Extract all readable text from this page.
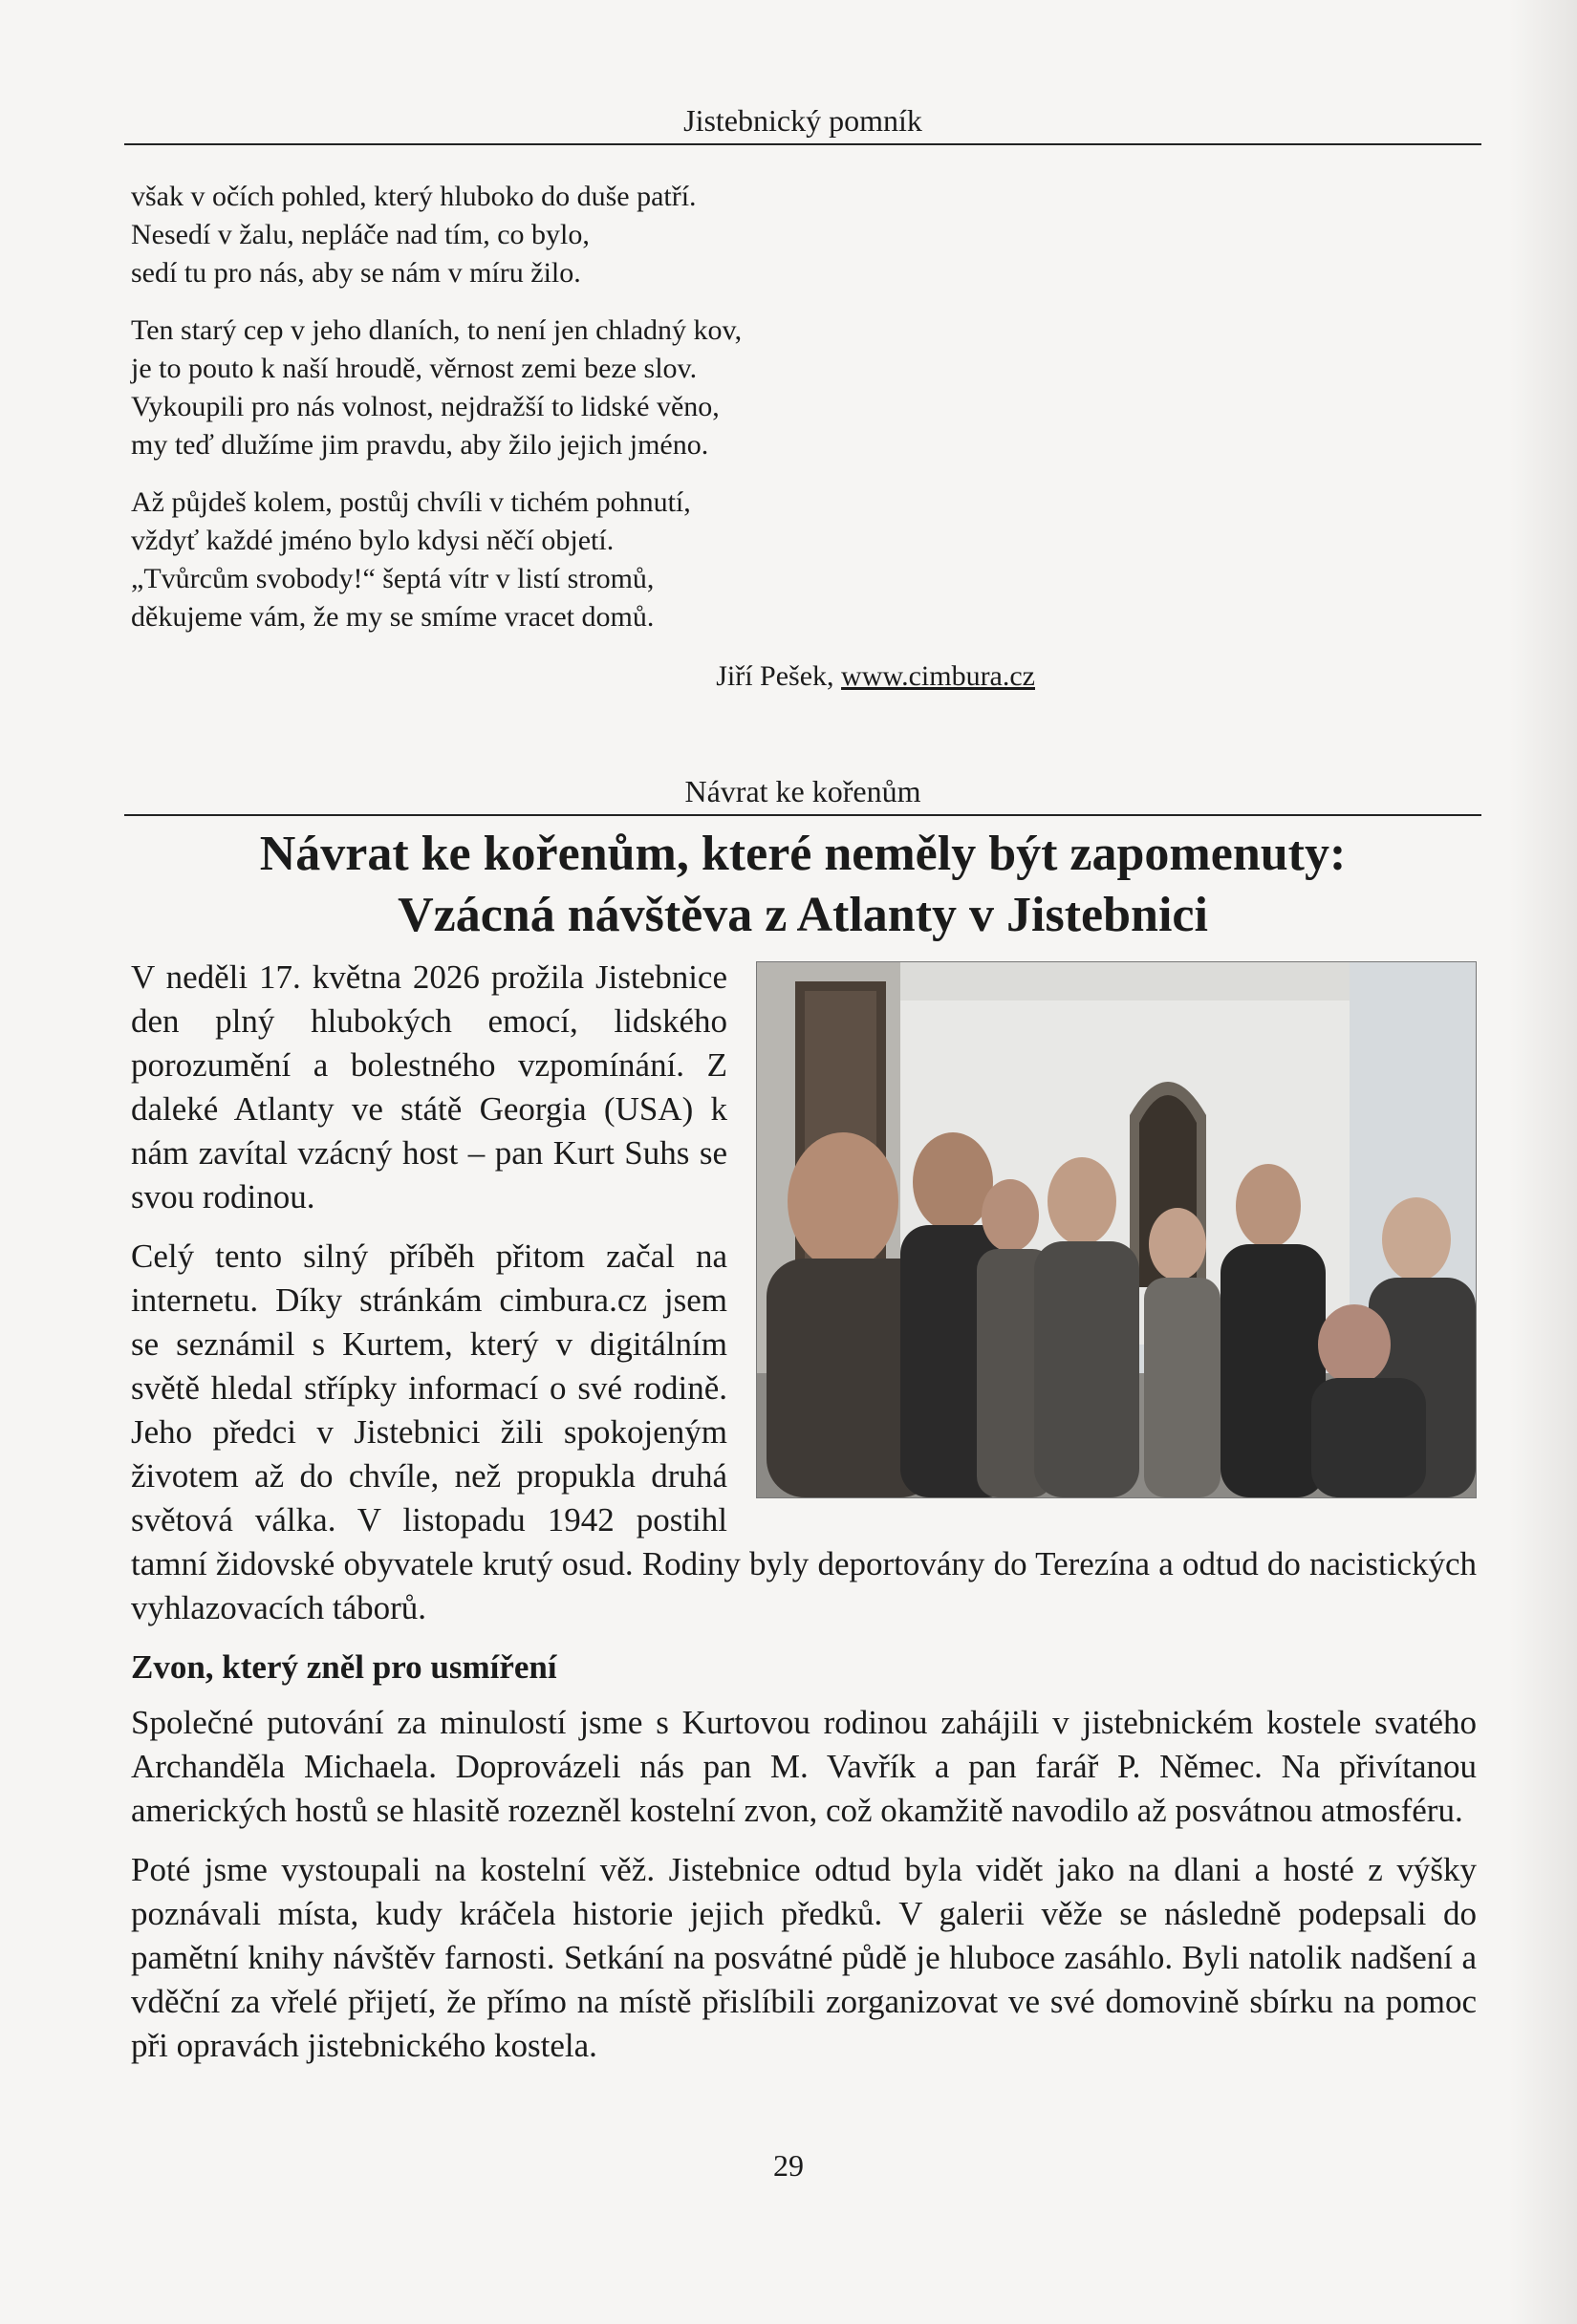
Jistebnický pomník
však v očích pohled, který hluboko do duše patří.
Nesedí v žalu, nepláče nad tím, co bylo,
sedí tu pro nás, aby se nám v míru žilo.
Ten starý cep v jeho dlaních, to není jen chladný kov,
je to pouto k naší hroudě, věrnost zemi beze slov.
Vykoupili pro nás volnost, nejdražší to lidské věno,
my teď dlužíme jim pravdu, aby žilo jejich jméno.
Až půjdeš kolem, postůj chvíli v tichém pohnutí,
vždyť každé jméno bylo kdysi něčí objetí.
„Tvůrcům svobody!“ šeptá vítr v listí stromů,
děkujeme vám, že my se smíme vracet domů.
Jiří Pešek, www.cimbura.cz
Návrat ke kořenům
Návrat ke kořenům, které neměly být zapomenuty:
Vzácná návštěva z Atlanty v Jistebnici

V neděli 17. května 2026 prožila Jistebnice den plný hlubokých emocí, lidského porozumění a bolestného vzpomínání. Z daleké Atlanty ve státě Georgia (USA) k nám zavítal vzácný host – pan Kurt Suhs se svou rodinou.

Celý tento silný příběh přitom začal na internetu. Díky stránkám cimbura.cz jsem se seznámil s Kurtem, který v digitálním světě hledal střípky informací o své rodině. Jeho předci v Jistebnici žili spokojeným životem až do chvíle, než propukla druhá světová válka. V listopadu 1942 postihl tamní židovské obyvatele krutý osud. Rodiny byly deportovány do Terezína a odtud do nacistických vyhlazovacích táborů.

Zvon, který zněl pro usmíření

Společné putování za minulostí jsme s Kurtovou rodinou zahájili v jistebnickém kostele svatého Archanděla Michaela. Doprovázeli nás pan M. Vavřík a pan farář P. Němec. Na přivítanou amerických hostů se hlasitě rozezněl kostelní zvon, což okamžitě navodilo až posvátnou atmosféru.

Poté jsme vystoupali na kostelní věž. Jistebnice odtud byla vidět jako na dlani a hosté z výšky poznávali místa, kudy kráčela historie jejich předků. V galerii věže se následně podepsali do pamětní knihy návštěv farnosti. Setkání na posvátné půdě je hluboce zasáhlo. Byli natolik nadšení a vděční za vřelé přijetí, že přímo na místě přislíbili zorganizovat ve své domovině sbírku na pomoc při opravách jistebnického kostela.

29
